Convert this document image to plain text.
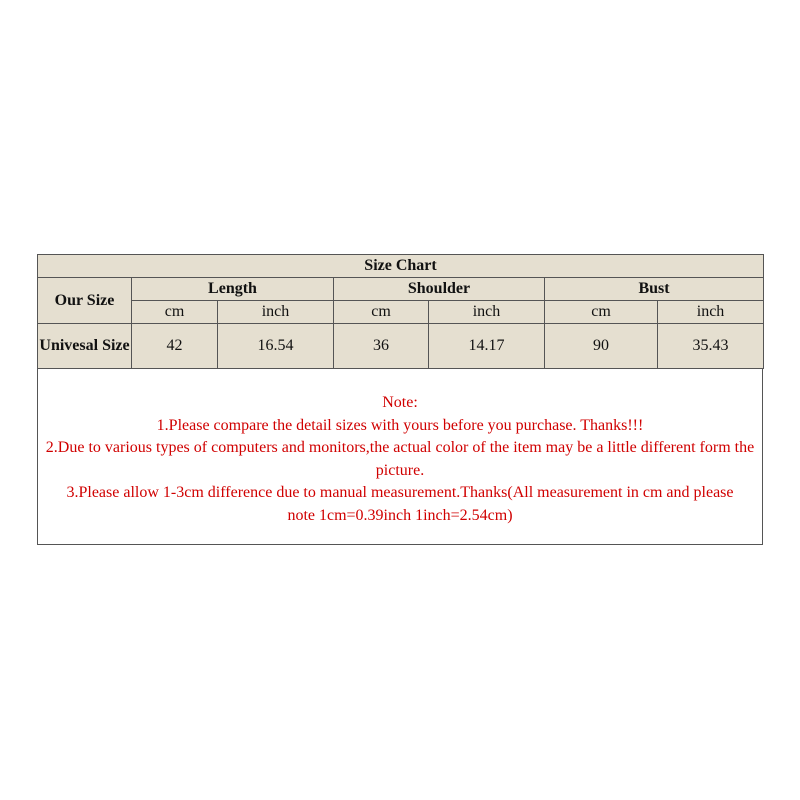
Size Chart						
Our Size	Length		Shoulder		Bust	
	cm	inch	cm	inch	cm	inch
Univesal Size	42	16.54	36	14.17	90	35.43

Note:

1.Please compare the detail sizes with yours before you purchase. Thanks!!!

2.Due to various types of computers and monitors,the actual color of the item may be a little different form the picture.

3.Please allow 1-3cm difference due to manual measurement.Thanks(All measurement in cm and please note 1cm=0.39inch 1inch=2.54cm)
